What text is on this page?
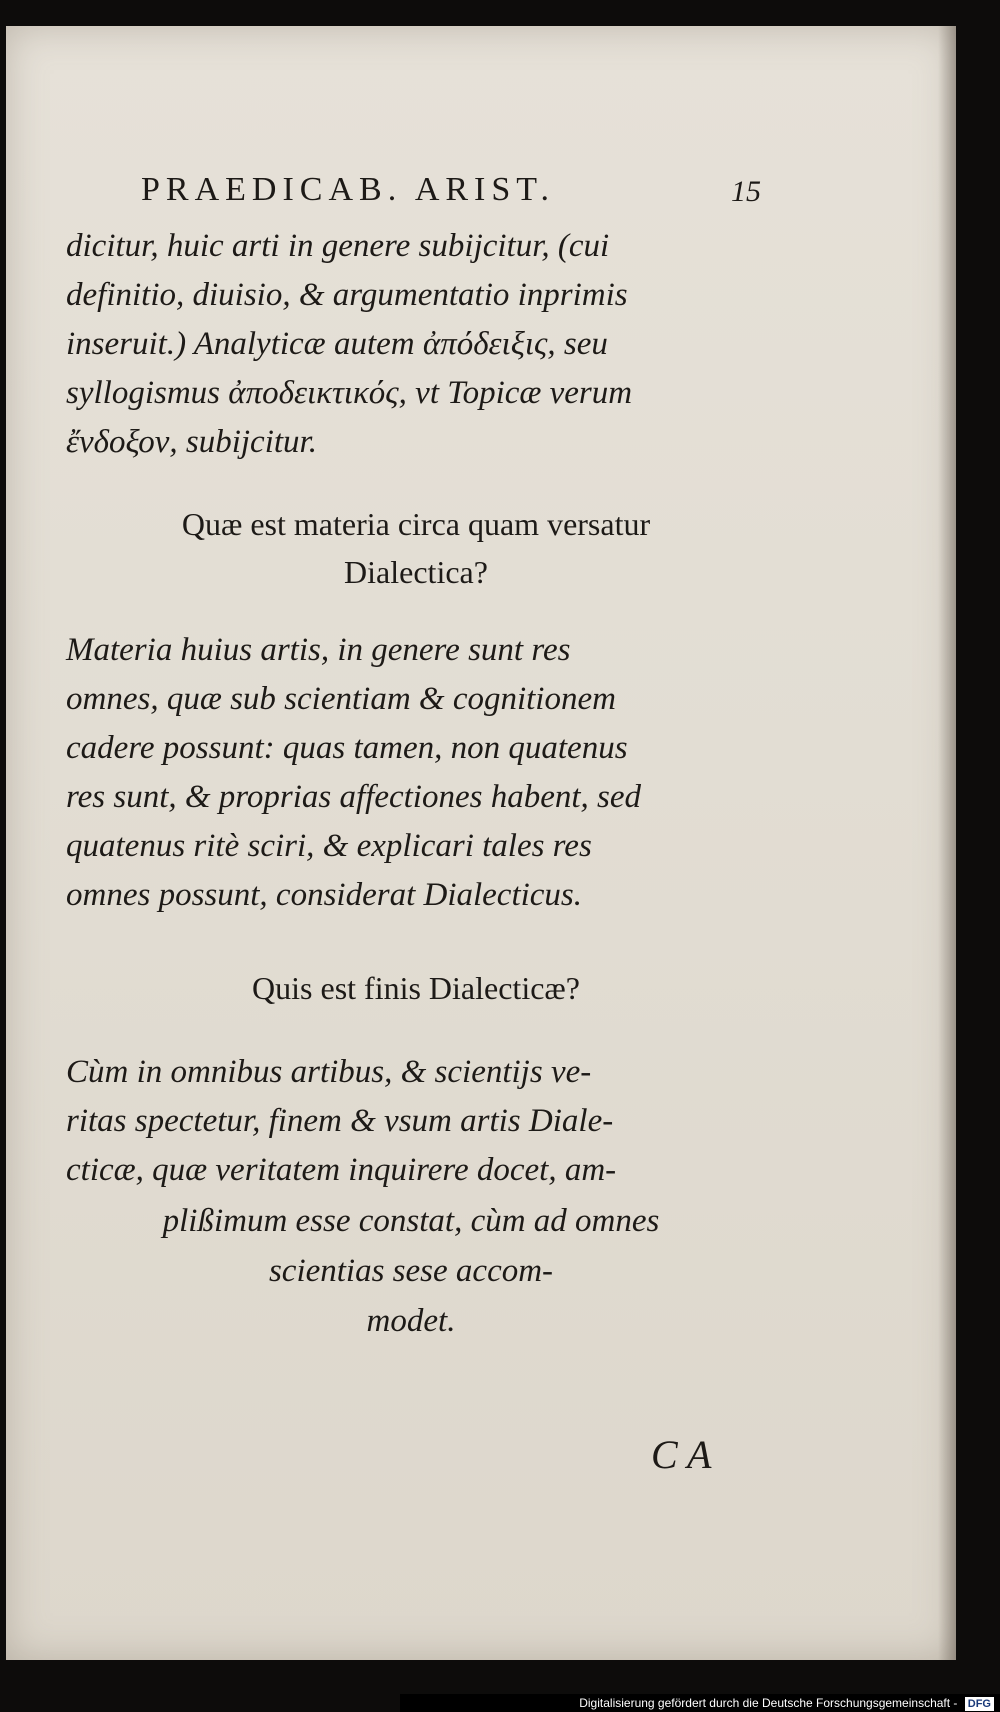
PRAEDICAB. ARIST.	15

dicitur, huic arti in genere subijcitur, (cui

definitio, diuisio, & argumentatio inprimis

inseruit.) Analyticæ autem ἀπόδειξις, seu

syllogismus ἀποδεικτικός, vt Topicæ verum

ἔνδοξον, subijcitur.

Quæ est materia circa quam versatur
Dialectica?

Materia huius artis, in genere sunt res

omnes, quæ sub scientiam & cognitionem

cadere possunt: quas tamen, non quatenus

res sunt, & proprias affectiones habent, sed

quatenus ritè sciri, & explicari tales res

omnes possunt, considerat Dialecticus.

Quis est finis Dialecticæ?

Cùm in omnibus artibus, & scientijs ve-

ritas spectetur, finem & vsum artis Diale-

cticæ, quæ veritatem inquirere docet, am-

plißimum esse constat, cùm ad omnes
scientias sese accom-
modet.
C A
Digitalisierung gefördert durch die Deutsche Forschungsgemeinschaft - DFG
